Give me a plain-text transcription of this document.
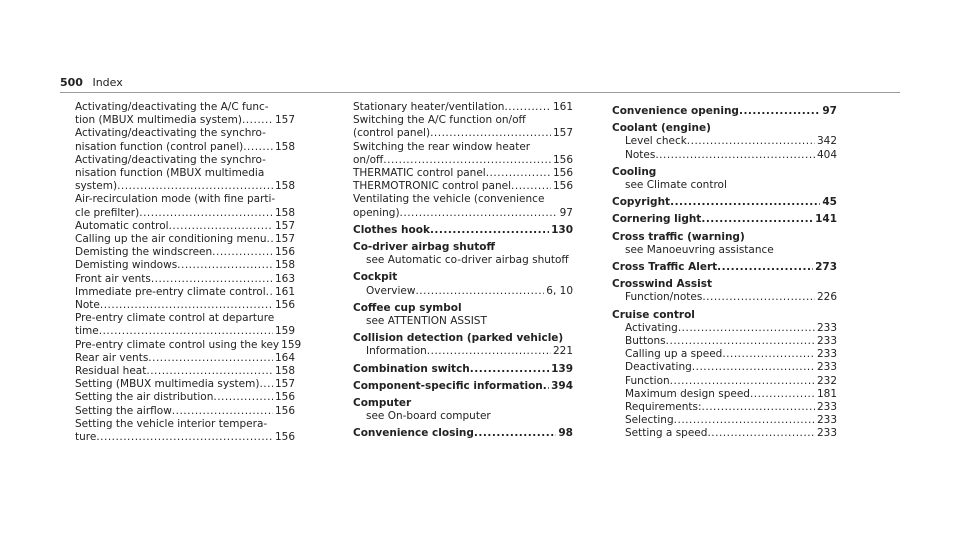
500 Index
Activating/deactivating the A/C func-
tion (MBUX multimedia system) .....	157
Activating/deactivating the synchro-
nisation function (control panel) .....	158
Activating/deactivating the synchro-
nisation function (MBUX multimedia
system) .....	158
Air-recirculation mode (with fine parti-
cle prefilter) .....	158
Automatic control .....	157
Calling up the air conditioning menu ..... 157
Demisting the windscreen .....	156
Demisting windows .....	158
Front air vents .....	163
Immediate pre-entry climate control ..... 161
Note .....	156
Pre-entry climate control at departure
time .....	159
Pre-entry climate control using the key 159
Rear air vents .....	164
Residual heat .....	158
Setting (MBUX multimedia system) ..... 157
Setting the air distribution .....	156
Setting the airflow .....	156
Setting the vehicle interior tempera-
ture .....	156
Stationary heater/ventilation .....	161
Switching the A/C function on/off
(control panel) .....	157
Switching the rear window heater
on/off .....	156
THERMATIC control panel .....	156
THERMOTRONIC control panel .....	156
Ventilating the vehicle (convenience
opening) .....	97
Clothes hook .....	130
Co-driver airbag shutoff
see Automatic co-driver airbag shutoff
Cockpit
Overview .....	6, 10
Coffee cup symbol
see ATTENTION ASSIST
Collision detection (parked vehicle)
Information .....	221
Combination switch .....	139
Component-specific information ..... 394
Computer
see On-board computer
Convenience closing .....	98
Convenience opening .....	97
Coolant (engine)
Level check .....	342
Notes .....	404
Cooling
see Climate control
Copyright .....	45
Cornering light .....	141
Cross traffic (warning)
see Manoeuvring assistance
Cross Traffic Alert .....	273
Crosswind Assist
Function/notes .....	226
Cruise control
Activating .....	233
Buttons .....	233
Calling up a speed .....	233
Deactivating .....	233
Function .....	232
Maximum design speed .....	181
Requirements: .....	233
Selecting .....	233
Setting a speed .....	233
